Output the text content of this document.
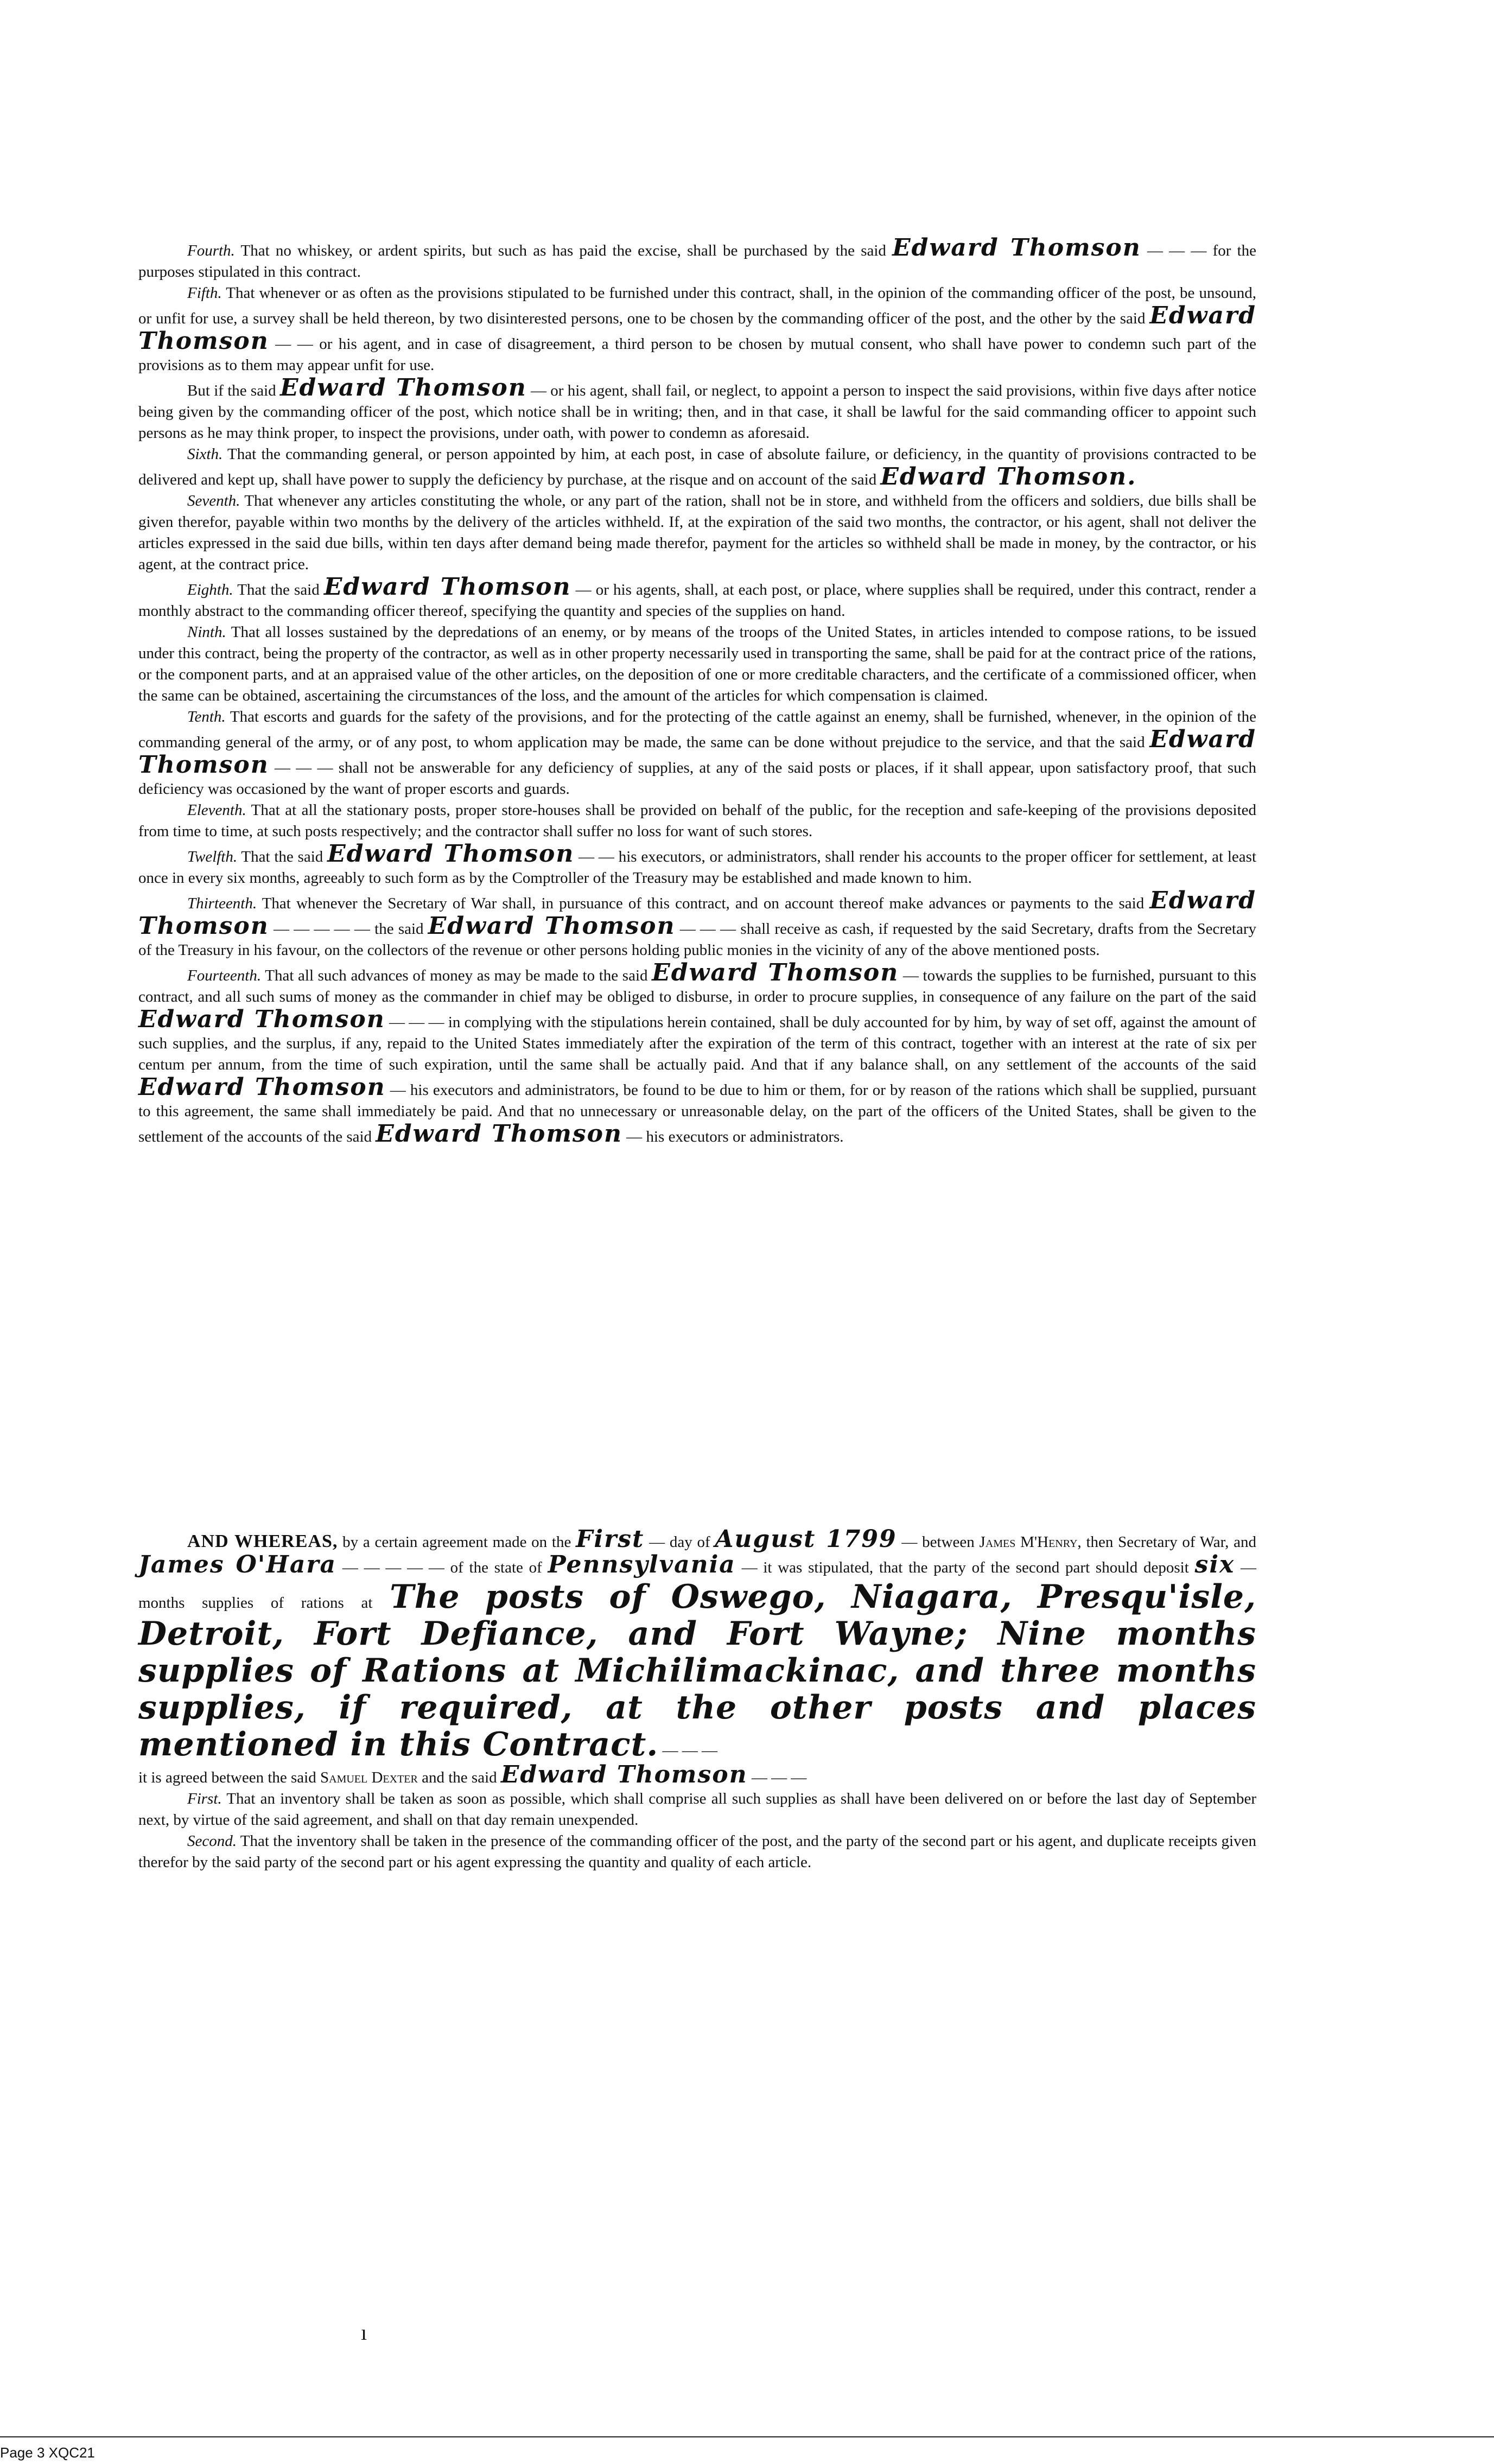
Fourth. That no whiskey, or ardent spirits, but such as has paid the excise, shall be purchased by the said Edward Thomson — — — for the purposes stipulated in this contract.

Fifth. That whenever or as often as the provisions stipulated to be furnished under this contract, shall, in the opinion of the commanding officer of the post, be unsound, or unfit for use, a survey shall be held thereon, by two disinterested persons, one to be chosen by the commanding officer of the post, and the other by the said Edward Thomson — — or his agent, and in case of disagreement, a third person to be chosen by mutual consent, who shall have power to condemn such part of the provisions as to them may appear unfit for use.

But if the said Edward Thomson — or his agent, shall fail, or neglect, to appoint a person to inspect the said provisions, within five days after notice being given by the commanding officer of the post, which notice shall be in writing; then, and in that case, it shall be lawful for the said commanding officer to appoint such persons as he may think proper, to inspect the provisions, under oath, with power to condemn as aforesaid.

Sixth. That the commanding general, or person appointed by him, at each post, in case of absolute failure, or deficiency, in the quantity of provisions contracted to be delivered and kept up, shall have power to supply the deficiency by purchase, at the risque and on account of the said Edward Thomson.

Seventh. That whenever any articles constituting the whole, or any part of the ration, shall not be in store, and withheld from the officers and soldiers, due bills shall be given therefor, payable within two months by the delivery of the articles withheld. If, at the expiration of the said two months, the contractor, or his agent, shall not deliver the articles expressed in the said due bills, within ten days after demand being made therefor, payment for the articles so withheld shall be made in money, by the contractor, or his agent, at the contract price.

Eighth. That the said Edward Thomson — or his agents, shall, at each post, or place, where supplies shall be required, under this contract, render a monthly abstract to the commanding officer thereof, specifying the quantity and species of the supplies on hand.

Ninth. That all losses sustained by the depredations of an enemy, or by means of the troops of the United States, in articles intended to compose rations, to be issued under this contract, being the property of the contractor, as well as in other property necessarily used in transporting the same, shall be paid for at the contract price of the rations, or the component parts, and at an appraised value of the other articles, on the deposition of one or more creditable characters, and the certificate of a commissioned officer, when the same can be obtained, ascertaining the circumstances of the loss, and the amount of the articles for which compensation is claimed.

Tenth. That escorts and guards for the safety of the provisions, and for the protecting of the cattle against an enemy, shall be furnished, whenever, in the opinion of the commanding general of the army, or of any post, to whom application may be made, the same can be done without prejudice to the service, and that the said Edward Thomson — — — shall not be answerable for any deficiency of supplies, at any of the said posts or places, if it shall appear, upon satisfactory proof, that such deficiency was occasioned by the want of proper escorts and guards.

Eleventh. That at all the stationary posts, proper store-houses shall be provided on behalf of the public, for the reception and safe-keeping of the provisions deposited from time to time, at such posts respectively; and the contractor shall suffer no loss for want of such stores.

Twelfth. That the said Edward Thomson — — his executors, or administrators, shall render his accounts to the proper officer for settlement, at least once in every six months, agreeably to such form as by the Comptroller of the Treasury may be established and made known to him.

Thirteenth. That whenever the Secretary of War shall, in pursuance of this contract, and on account thereof make advances or payments to the said Edward Thomson — — — — — the said Edward Thomson — — — shall receive as cash, if requested by the said Secretary, drafts from the Secretary of the Treasury in his favour, on the collectors of the revenue or other persons holding public monies in the vicinity of any of the above mentioned posts.

Fourteenth. That all such advances of money as may be made to the said Edward Thomson — towards the supplies to be furnished, pursuant to this contract, and all such sums of money as the commander in chief may be obliged to disburse, in order to procure supplies, in consequence of any failure on the part of the said Edward Thomson — — — in complying with the stipulations herein contained, shall be duly accounted for by him, by way of set off, against the amount of such supplies, and the surplus, if any, repaid to the United States immediately after the expiration of the term of this contract, together with an interest at the rate of six per centum per annum, from the time of such expiration, until the same shall be actually paid. And that if any balance shall, on any settlement of the accounts of the said Edward Thomson — his executors and administrators, be found to be due to him or them, for or by reason of the rations which shall be supplied, pursuant to this agreement, the same shall immediately be paid. And that no unnecessary or unreasonable delay, on the part of the officers of the United States, shall be given to the settlement of the accounts of the said Edward Thomson — his executors or administrators.

AND WHEREAS, by a certain agreement made on the First — day of August 1799 — between James M'Henry, then Secretary of War, and James O'Hara — — — — — of the state of Pennsylvania — it was stipulated, that the party of the second part should deposit six — months supplies of rations at The posts of Oswego, Niagara, Presqu'isle, Detroit, Fort Defiance, and Fort Wayne; Nine months supplies of Rations at Michilimackinac, and three months supplies, if required, at the other posts and places mentioned in this Contract. — — —

it is agreed between the said Samuel Dexter and the said Edward Thomson — — —

First. That an inventory shall be taken as soon as possible, which shall comprise all such supplies as shall have been delivered on or before the last day of September next, by virtue of the said agreement, and shall on that day remain unexpended.

Second. That the inventory shall be taken in the presence of the commanding officer of the post, and the party of the second part or his agent, and duplicate receipts given therefor by the said party of the second part or his agent expressing the quantity and quality of each article.

ı
Page 3 XQC21
